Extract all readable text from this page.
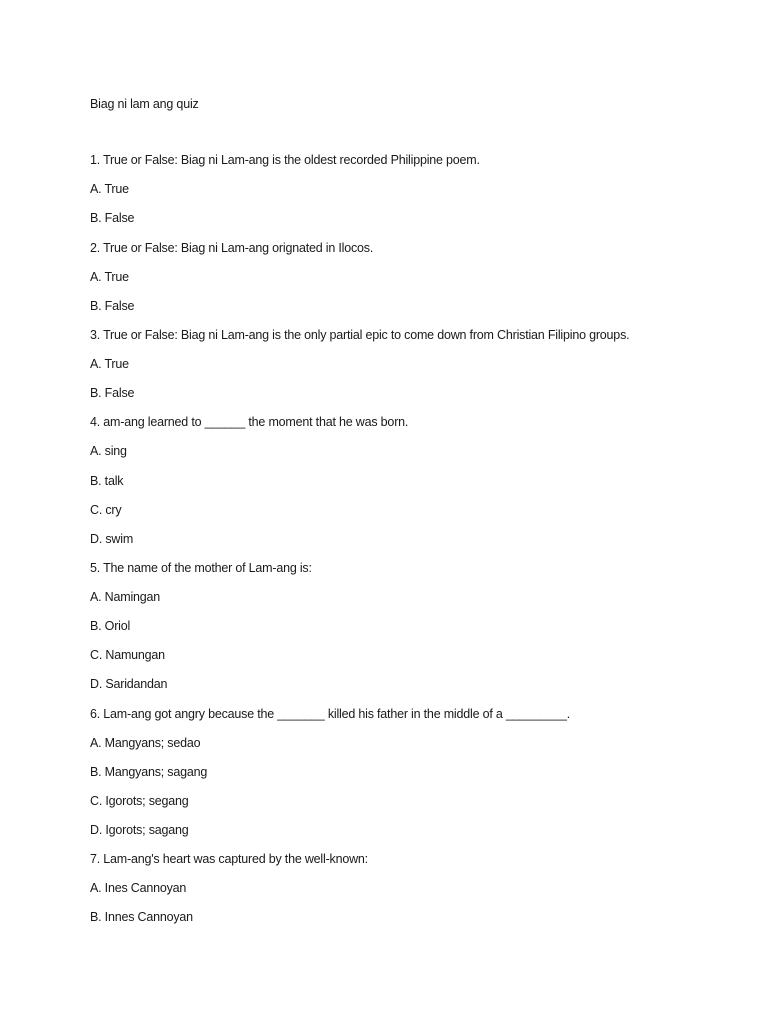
Biag ni lam ang quiz
1. True or False: Biag ni Lam-ang is the oldest recorded Philippine poem.
A. True
B. False
2. True or False: Biag ni Lam-ang orignated in Ilocos.
A. True
B. False
3. True or False: Biag ni Lam-ang is the only partial epic to come down from Christian Filipino groups.
A. True
B. False
4. am-ang learned to ______ the moment that he was born.
A. sing
B. talk
C. cry
D. swim
5. The name of the mother of Lam-ang is:
A. Namingan
B. Oriol
C. Namungan
D. Saridandan
6. Lam-ang got angry because the _______ killed his father in the middle of a _________.
A. Mangyans; sedao
B. Mangyans; sagang
C. Igorots; segang
D. Igorots; sagang
7. Lam-ang's heart was captured by the well-known:
A. Ines Cannoyan
B. Innes Cannoyan
